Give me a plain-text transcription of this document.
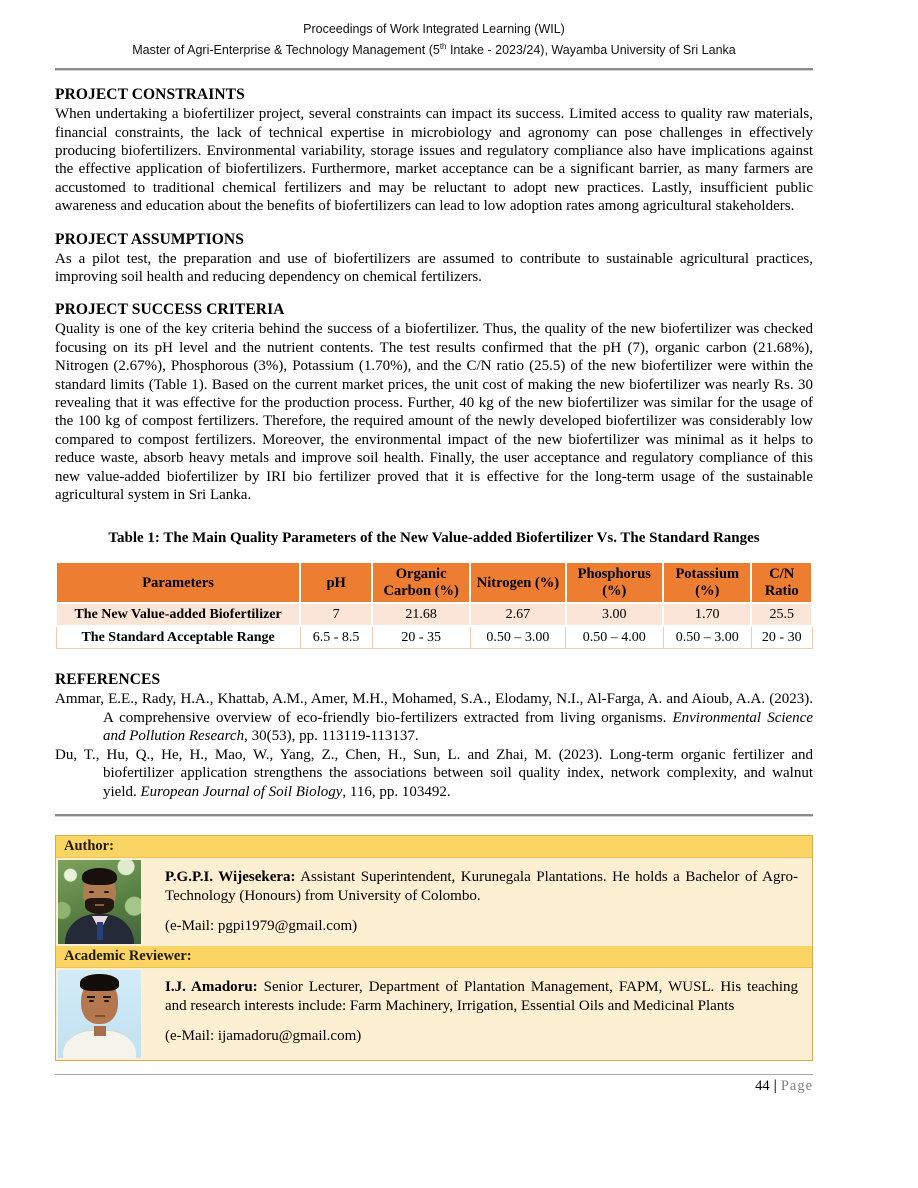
Proceedings of Work Integrated Learning (WIL)
Master of Agri-Enterprise & Technology Management (5th Intake - 2023/24), Wayamba University of Sri Lanka
PROJECT CONSTRAINTS

When undertaking a biofertilizer project, several constraints can impact its success. Limited access to quality raw materials, financial constraints, the lack of technical expertise in microbiology and agronomy can pose challenges in effectively producing biofertilizers. Environmental variability, storage issues and regulatory compliance also have implications against the effective application of biofertilizers. Furthermore, market acceptance can be a significant barrier, as many farmers are accustomed to traditional chemical fertilizers and may be reluctant to adopt new practices. Lastly, insufficient public awareness and education about the benefits of biofertilizers can lead to low adoption rates among agricultural stakeholders.

PROJECT ASSUMPTIONS

As a pilot test, the preparation and use of biofertilizers are assumed to contribute to sustainable agricultural practices, improving soil health and reducing dependency on chemical fertilizers.

PROJECT SUCCESS CRITERIA

Quality is one of the key criteria behind the success of a biofertilizer. Thus, the quality of the new biofertilizer was checked focusing on its pH level and the nutrient contents. The test results confirmed that the pH (7), organic carbon (21.68%), Nitrogen (2.67%), Phosphorous (3%), Potassium (1.70%), and the C/N ratio (25.5) of the new biofertilizer were within the standard limits (Table 1). Based on the current market prices, the unit cost of making the new biofertilizer was nearly Rs. 30 revealing that it was effective for the production process. Further, 40 kg of the new biofertilizer was similar for the usage of the 100 kg of compost fertilizers. Therefore, the required amount of the newly developed biofertilizer was considerably low compared to compost fertilizers. Moreover, the environmental impact of the new biofertilizer was minimal as it helps to reduce waste, absorb heavy metals and improve soil health. Finally, the user acceptance and regulatory compliance of this new value-added biofertilizer by IRI bio fertilizer proved that it is effective for the long-term usage of the sustainable agricultural system in Sri Lanka.

Table 1: The Main Quality Parameters of the New Value-added Biofertilizer Vs. The Standard Ranges

Parameters	pH	Organic Carbon (%)	Nitrogen (%)	Phosphorus (%)	Potassium (%)	C/N Ratio
The New Value-added Biofertilizer	7	21.68	2.67	3.00	1.70	25.5
The Standard Acceptable Range	6.5 - 8.5	20 - 35	0.50 – 3.00	0.50 – 4.00	0.50 – 3.00	20 - 30
REFERENCES

Ammar, E.E., Rady, H.A., Khattab, A.M., Amer, M.H., Mohamed, S.A., Elodamy, N.I., Al-Farga, A. and Aioub, A.A. (2023). A comprehensive overview of eco-friendly bio-fertilizers extracted from living organisms. Environmental Science and Pollution Research, 30(53), pp. 113119-113137.

Du, T., Hu, Q., He, H., Mao, W., Yang, Z., Chen, H., Sun, L. and Zhai, M. (2023). Long-term organic fertilizer and biofertilizer application strengthens the associations between soil quality index, network complexity, and walnut yield. European Journal of Soil Biology, 116, pp. 103492.

Author:
P.G.P.I. Wijesekera: Assistant Superintendent, Kurunegala Plantations. He holds a Bachelor of Agro-Technology (Honours) from University of Colombo.
(e-Mail: pgpi1979@gmail.com)
Academic Reviewer:
I.J. Amadoru: Senior Lecturer, Department of Plantation Management, FAPM, WUSL. His teaching and research interests include: Farm Machinery, Irrigation, Essential Oils and Medicinal Plants
(e-Mail: ijamadoru@gmail.com)
44 | Page
